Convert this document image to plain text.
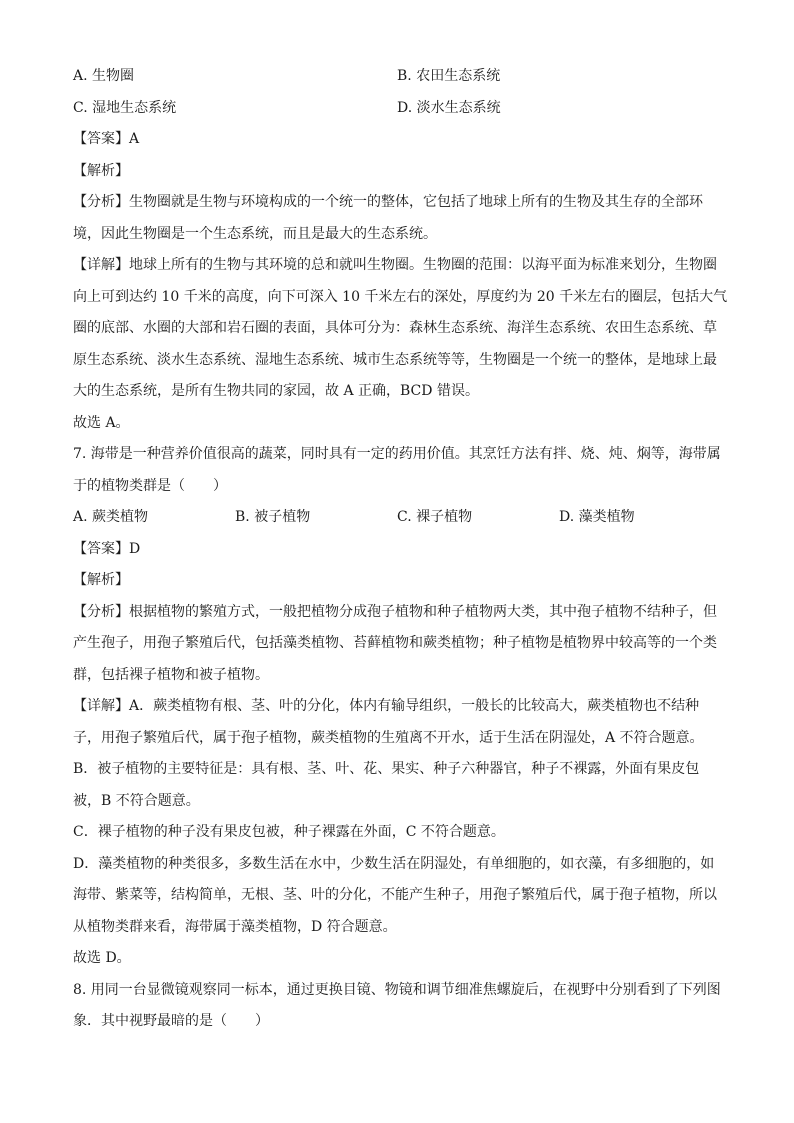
A. 生物圈	B. 农田生态系统
C. 湿地生态系统	D. 淡水生态系统
【答案】A
【解析】
【分析】生物圈就是生物与环境构成的一个统一的整体，它包括了地球上所有的生物及其生存的全部环
境，因此生物圈是一个生态系统，而且是最大的生态系统。
【详解】地球上所有的生物与其环境的总和就叫生物圈。生物圈的范围：以海平面为标准来划分，生物圈
向上可到达约 10 千米的高度，向下可深入 10 千米左右的深处，厚度约为 20 千米左右的圈层，包括大气
圈的底部、水圈的大部和岩石圈的表面，具体可分为：森林生态系统、海洋生态系统、农田生态系统、草
原生态系统、淡水生态系统、湿地生态系统、城市生态系统等等，生物圈是一个统一的整体，是地球上最
大的生态系统，是所有生物共同的家园，故 A 正确，BCD 错误。
故选 A。
7. 海带是一种营养价值很高的蔬菜，同时具有一定的药用价值。其烹饪方法有拌、烧、炖、焖等，海带属
于的植物类群是（　　）
A. 蕨类植物	B. 被子植物	C. 裸子植物	D. 藻类植物
【答案】D
【解析】
【分析】根据植物的繁殖方式，一般把植物分成孢子植物和种子植物两大类，其中孢子植物不结种子，但
产生孢子，用孢子繁殖后代，包括藻类植物、苔藓植物和蕨类植物；种子植物是植物界中较高等的一个类
群，包括裸子植物和被子植物。
【详解】A．蕨类植物有根、茎、叶的分化，体内有输导组织，一般长的比较高大，蕨类植物也不结种
子，用孢子繁殖后代，属于孢子植物，蕨类植物的生殖离不开水，适于生活在阴湿处，A 不符合题意。
B．被子植物的主要特征是：具有根、茎、叶、花、果实、种子六种器官，种子不裸露，外面有果皮包
被，B 不符合题意。
C．裸子植物的种子没有果皮包被，种子裸露在外面，C 不符合题意。
D．藻类植物的种类很多，多数生活在水中，少数生活在阴湿处，有单细胞的，如衣藻，有多细胞的，如
海带、紫菜等，结构简单，无根、茎、叶的分化，不能产生种子，用孢子繁殖后代，属于孢子植物，所以
从植物类群来看，海带属于藻类植物，D 符合题意。
故选 D。
8. 用同一台显微镜观察同一标本，通过更换目镜、物镜和调节细准焦螺旋后，在视野中分别看到了下列图
象．其中视野最暗的是（　　）
